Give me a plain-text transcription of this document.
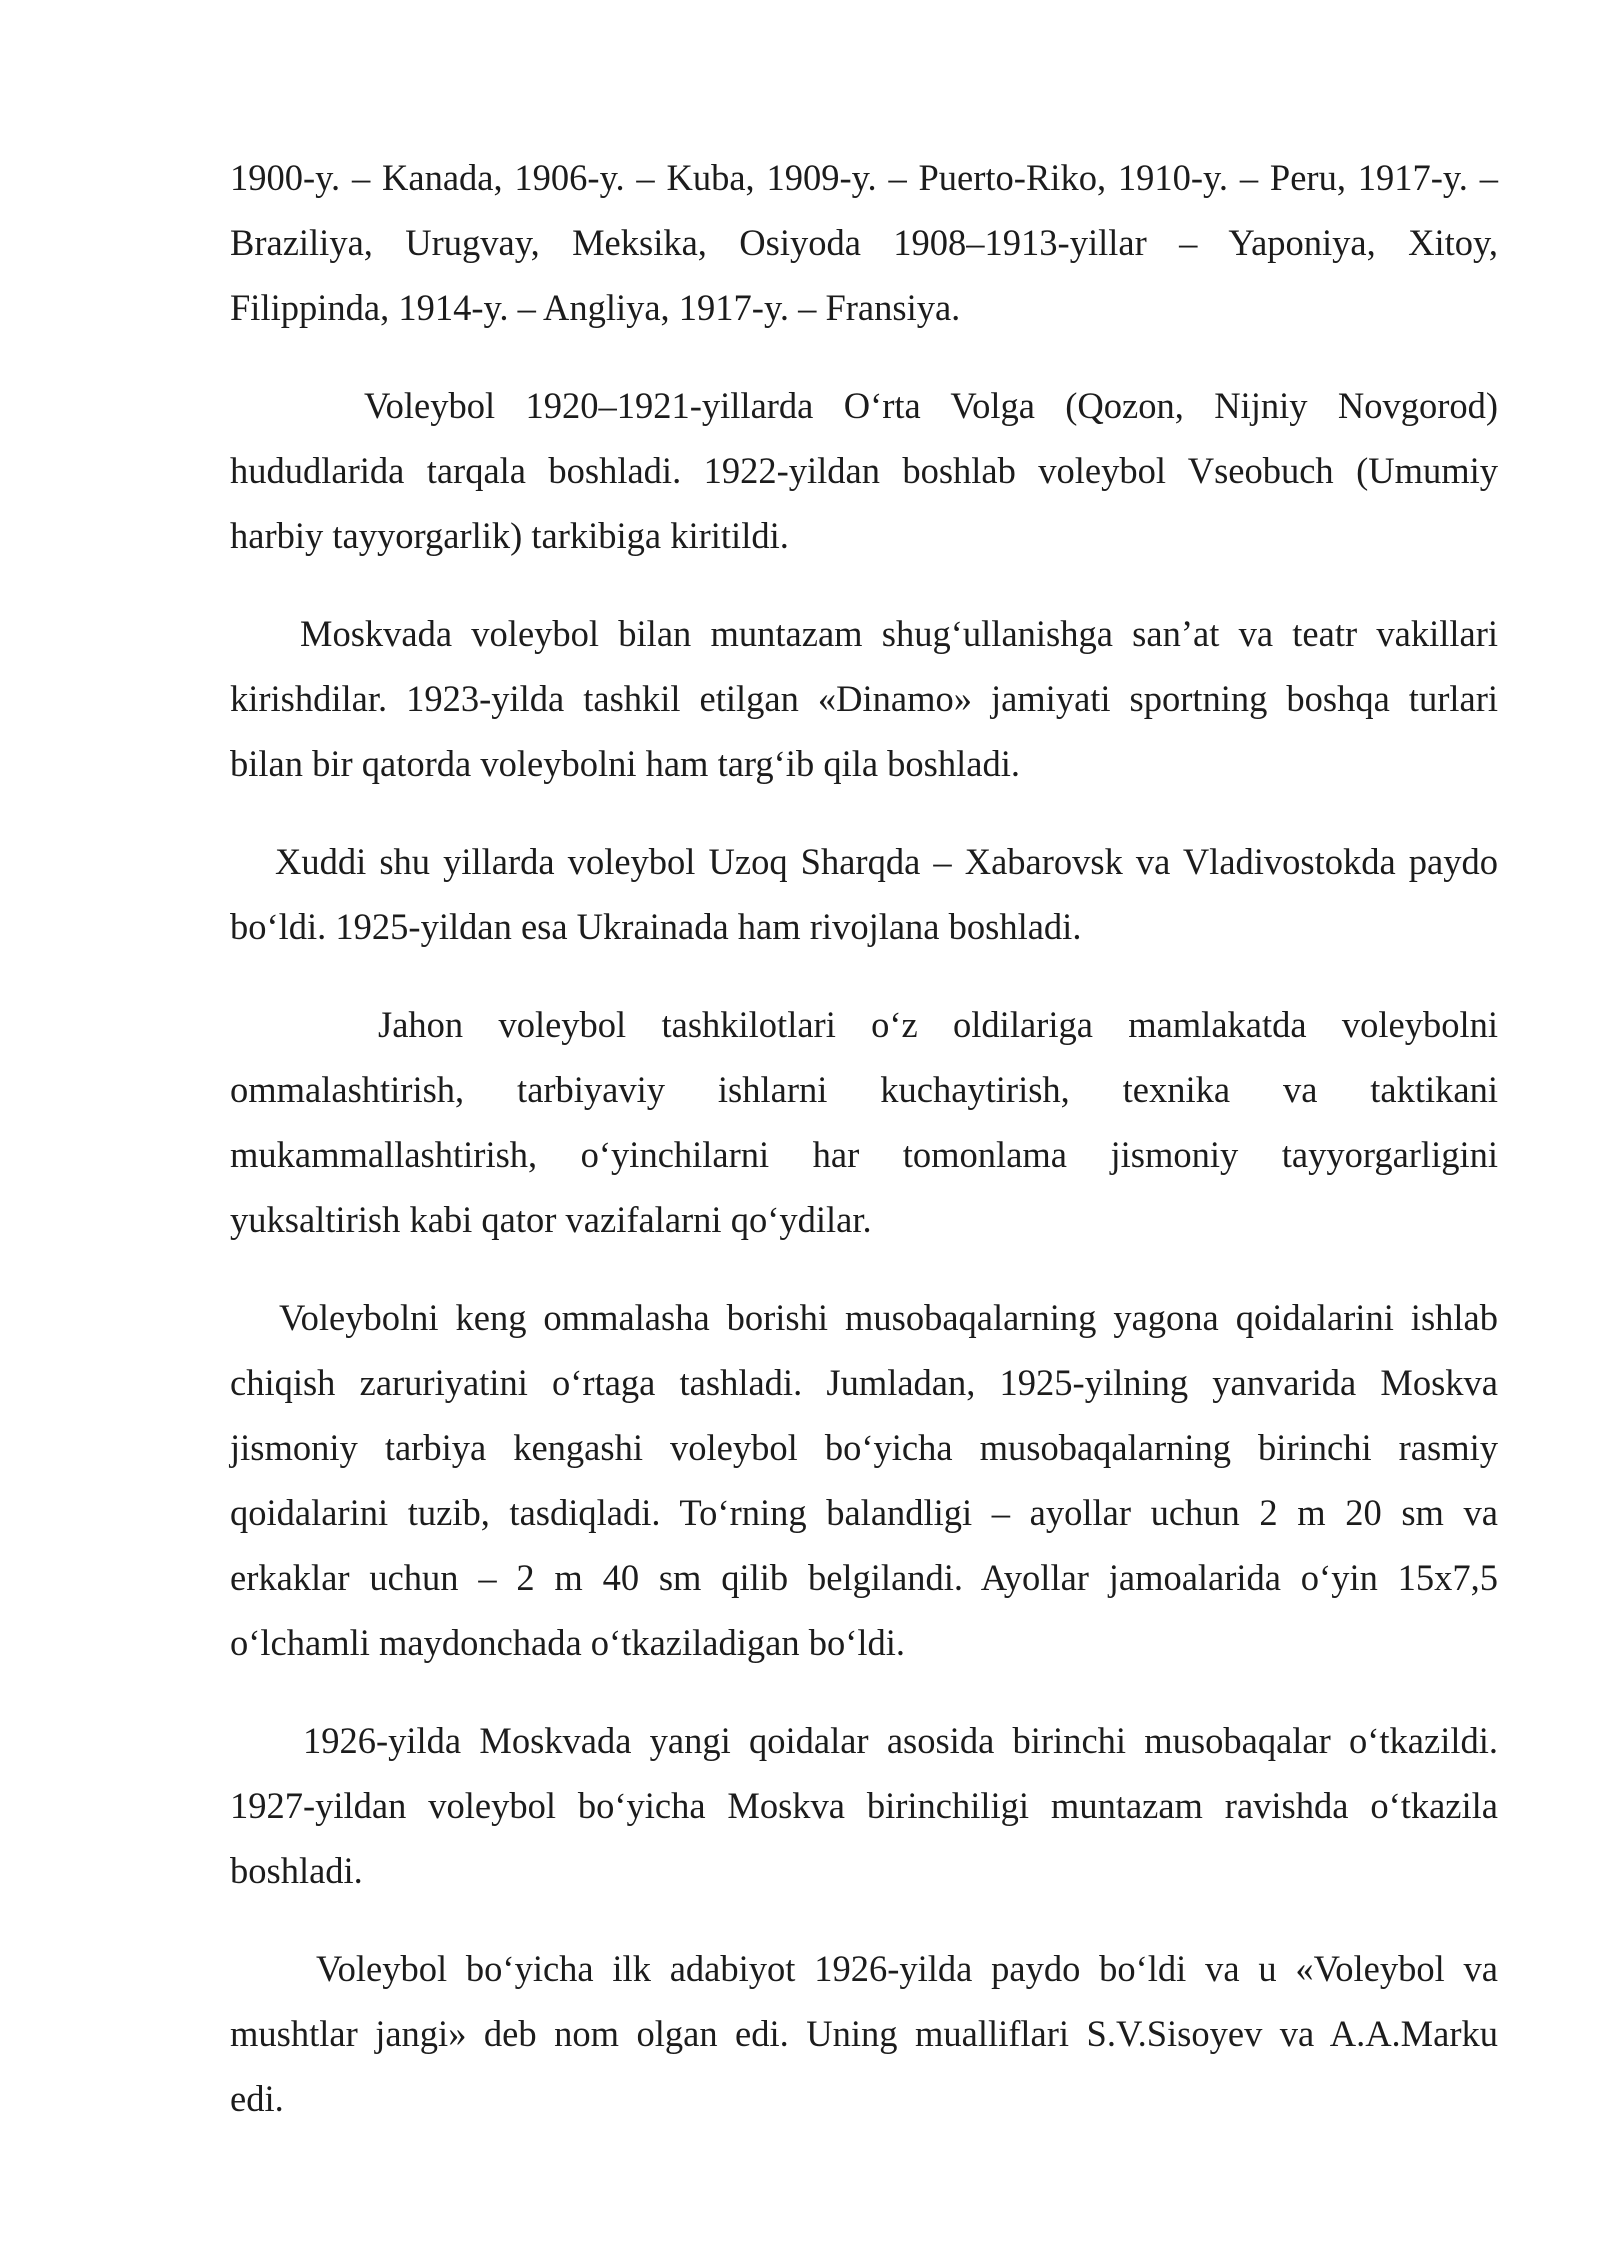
1900-y. – Kanada, 1906-y. – Kuba, 1909-y. – Puerto-Riko, 1910-y. – Peru, 1917-y. –
Braziliya, Urugvay, Meksika, Osiyoda 1908–1913-yillar – Yaponiya, Xitoy,
Filippinda, 1914-y. – Angliya, 1917-y. – Fransiya.
Voleybol 1920–1921-yillarda O‘rta Volga (Qozon, Nijniy Novgorod)
hududlarida tarqala boshladi. 1922-yildan boshlab voleybol Vseobuch (Umumiy
harbiy tayyorgarlik) tarkibiga kiritildi.
Moskvada voleybol bilan muntazam shug‘ullanishga san’at va teatr vakillari
kirishdilar. 1923-yilda tashkil etilgan «Dinamo» jamiyati sportning boshqa turlari
bilan bir qatorda voleybolni ham targ‘ib qila boshladi.
Xuddi shu yillarda voleybol Uzoq Sharqda – Xabarovsk va Vladivostokda paydo
bo‘ldi. 1925-yildan esa Ukrainada ham rivojlana boshladi.
Jahon voleybol tashkilotlari o‘z oldilariga mamlakatda voleybolni
ommalashtirish, tarbiyaviy ishlarni kuchaytirish, texnika va taktikani
mukammallashtirish, o‘yinchilarni har tomonlama jismoniy tayyorgarligini
yuksaltirish kabi qator vazifalarni qo‘ydilar.
Voleybolni keng ommalasha borishi musobaqalarning yagona qoidalarini ishlab
chiqish zaruriyatini o‘rtaga tashladi. Jumladan, 1925-yilning yanvarida Moskva
jismoniy tarbiya kengashi voleybol bo‘yicha musobaqalarning birinchi rasmiy
qoidalarini tuzib, tasdiqladi. To‘rning balandligi – ayollar uchun 2 m 20 sm va
erkaklar uchun – 2 m 40 sm qilib belgilandi. Ayollar jamoalarida o‘yin 15x7,5
o‘lchamli maydonchada o‘tkaziladigan bo‘ldi.
1926-yilda Moskvada yangi qoidalar asosida birinchi musobaqalar o‘tkazildi.
1927-yildan voleybol bo‘yicha Moskva birinchiligi muntazam ravishda o‘tkazila
boshladi.
Voleybol bo‘yicha ilk adabiyot 1926-yilda paydo bo‘ldi va u «Voleybol va
mushtlar jangi» deb nom olgan edi. Uning mualliflari S.V.Sisoyev va A.A.Marku
edi.
